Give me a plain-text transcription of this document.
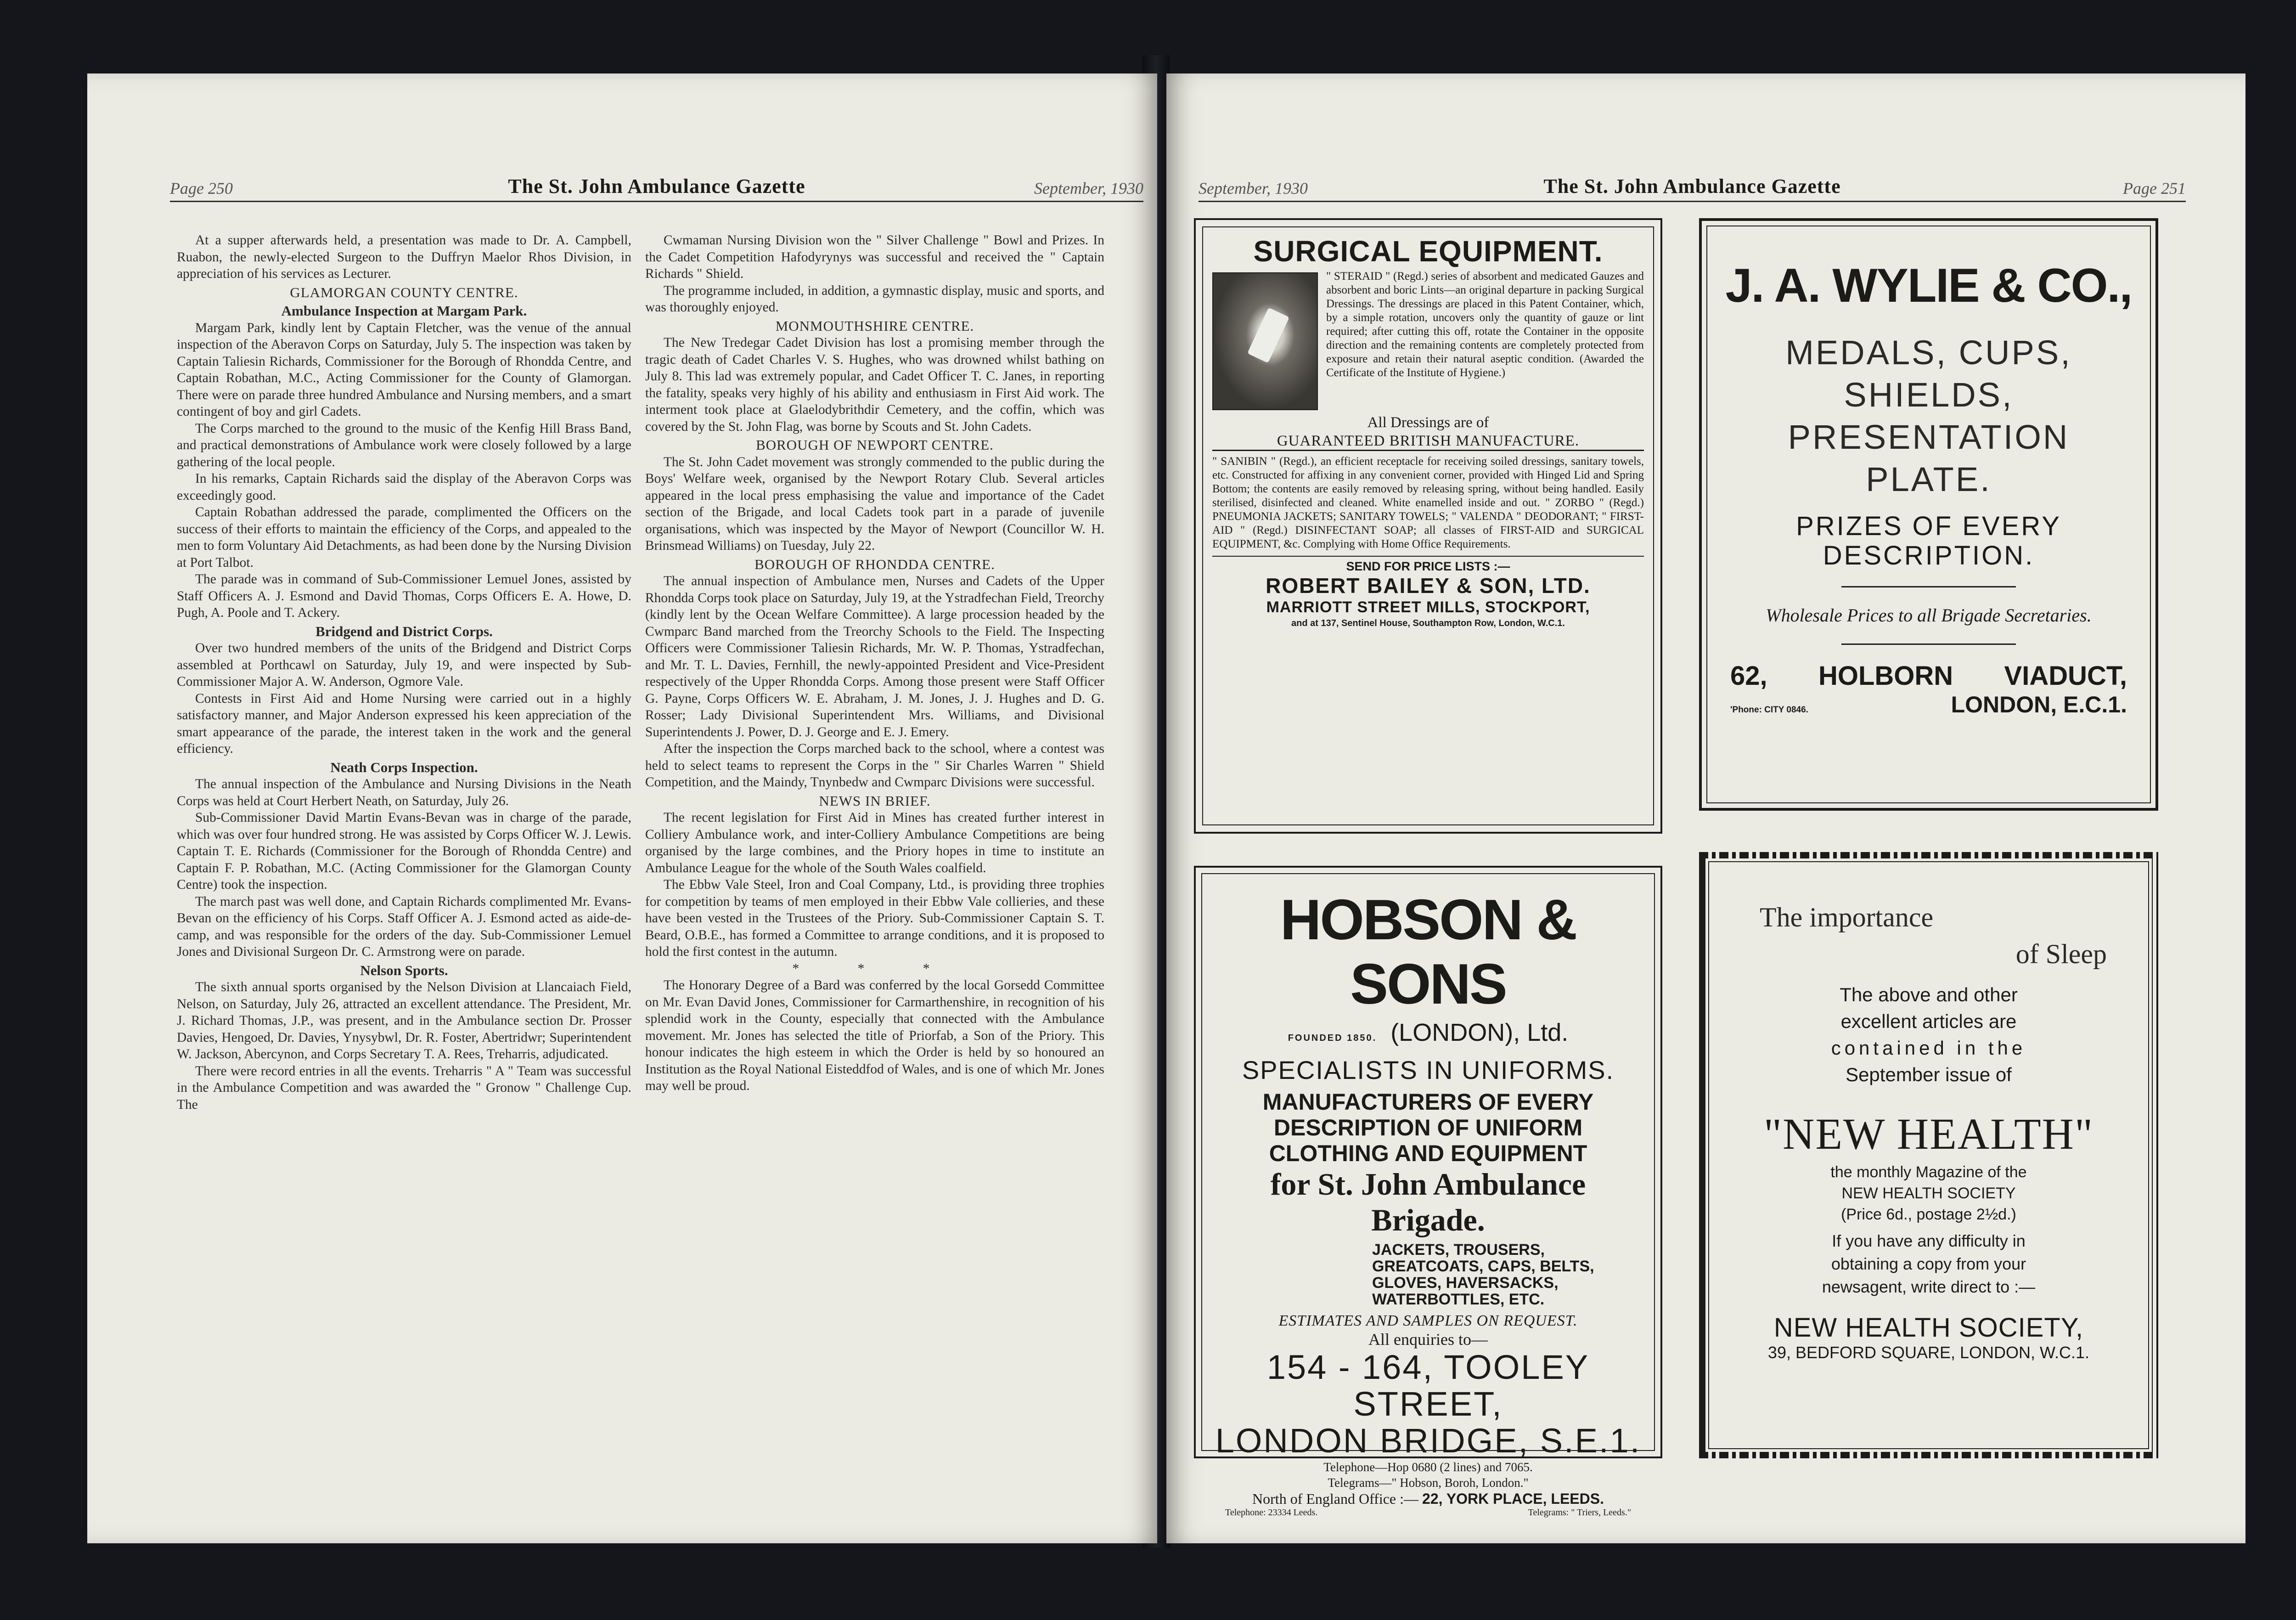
Page 250	The St. John Ambulance Gazette	September, 1930

At a supper afterwards held, a presentation was made to Dr. A. Campbell, Ruabon, the newly-elected Surgeon to the Duffryn Maelor Rhos Division, in appreciation of his services as Lecturer.

GLAMORGAN COUNTY CENTRE.
Ambulance Inspection at Margam Park.

Margam Park, kindly lent by Captain Fletcher, was the venue of the annual inspection of the Aberavon Corps on Saturday, July 5. The inspection was taken by Captain Taliesin Richards, Commissioner for the Borough of Rhondda Centre, and Captain Robathan, M.C., Acting Commissioner for the County of Glamorgan. There were on parade three hundred Ambulance and Nursing members, and a smart contingent of boy and girl Cadets.

The Corps marched to the ground to the music of the Kenfig Hill Brass Band, and practical demonstrations of Ambulance work were closely followed by a large gathering of the local people.

In his remarks, Captain Richards said the display of the Aberavon Corps was exceedingly good.

Captain Robathan addressed the parade, complimented the Officers on the success of their efforts to maintain the efficiency of the Corps, and appealed to the men to form Voluntary Aid Detachments, as had been done by the Nursing Division at Port Talbot.

The parade was in command of Sub-Commissioner Lemuel Jones, assisted by Staff Officers A. J. Esmond and David Thomas, Corps Officers E. A. Howe, D. Pugh, A. Poole and T. Ackery.

Bridgend and District Corps.

Over two hundred members of the units of the Bridgend and District Corps assembled at Porthcawl on Saturday, July 19, and were inspected by Sub-Commissioner Major A. W. Anderson, Ogmore Vale.

Contests in First Aid and Home Nursing were carried out in a highly satisfactory manner, and Major Anderson expressed his keen appreciation of the smart appearance of the parade, the interest taken in the work and the general efficiency.

Neath Corps Inspection.

The annual inspection of the Ambulance and Nursing Divisions in the Neath Corps was held at Court Herbert Neath, on Saturday, July 26.

Sub-Commissioner David Martin Evans-Bevan was in charge of the parade, which was over four hundred strong. He was assisted by Corps Officer W. J. Lewis. Captain T. E. Richards (Commissioner for the Borough of Rhondda Centre) and Captain F. P. Robathan, M.C. (Acting Commissioner for the Glamorgan County Centre) took the inspection.

The march past was well done, and Captain Richards complimented Mr. Evans-Bevan on the efficiency of his Corps. Staff Officer A. J. Esmond acted as aide-de-camp, and was responsible for the orders of the day. Sub-Commissioner Lemuel Jones and Divisional Surgeon Dr. C. Armstrong were on parade.

Nelson Sports.

The sixth annual sports organised by the Nelson Division at Llancaiach Field, Nelson, on Saturday, July 26, attracted an excellent attendance. The President, Mr. J. Richard Thomas, J.P., was present, and in the Ambulance section Dr. Prosser Davies, Hengoed, Dr. Davies, Ynysybwl, Dr. R. Foster, Abertridwr; Superintendent W. Jackson, Abercynon, and Corps Secretary T. A. Rees, Treharris, adjudicated.

There were record entries in all the events. Treharris " A " Team was successful in the Ambulance Competition and was awarded the " Gronow " Challenge Cup. The

Cwmaman Nursing Division won the " Silver Challenge " Bowl and Prizes. In the Cadet Competition Hafodyrynys was successful and received the " Captain Richards " Shield.

The programme included, in addition, a gymnastic display, music and sports, and was thoroughly enjoyed.

MONMOUTHSHIRE CENTRE.

The New Tredegar Cadet Division has lost a promising member through the tragic death of Cadet Charles V. S. Hughes, who was drowned whilst bathing on July 8. This lad was extremely popular, and Cadet Officer T. C. Janes, in reporting the fatality, speaks very highly of his ability and enthusiasm in First Aid work. The interment took place at Glaelodybrithdir Cemetery, and the coffin, which was covered by the St. John Flag, was borne by Scouts and St. John Cadets.

BOROUGH OF NEWPORT CENTRE.

The St. John Cadet movement was strongly commended to the public during the Boys' Welfare week, organised by the Newport Rotary Club. Several articles appeared in the local press emphasising the value and importance of the Cadet section of the Brigade, and local Cadets took part in a parade of juvenile organisations, which was inspected by the Mayor of Newport (Councillor W. H. Brinsmead Williams) on Tuesday, July 22.

BOROUGH OF RHONDDA CENTRE.

The annual inspection of Ambulance men, Nurses and Cadets of the Upper Rhondda Corps took place on Saturday, July 19, at the Ystradfechan Field, Treorchy (kindly lent by the Ocean Welfare Committee). A large procession headed by the Cwmparc Band marched from the Treorchy Schools to the Field. The Inspecting Officers were Commissioner Taliesin Richards, Mr. W. P. Thomas, Ystradfechan, and Mr. T. L. Davies, Fernhill, the newly-appointed President and Vice-President respectively of the Upper Rhondda Corps. Among those present were Staff Officer G. Payne, Corps Officers W. E. Abraham, J. M. Jones, J. J. Hughes and D. G. Rosser; Lady Divisional Superintendent Mrs. Williams, and Divisional Superintendents J. Power, D. J. George and E. J. Emery.

After the inspection the Corps marched back to the school, where a contest was held to select teams to represent the Corps in the " Sir Charles Warren " Shield Competition, and the Maindy, Tnynbedw and Cwmparc Divisions were successful.

NEWS IN BRIEF.

The recent legislation for First Aid in Mines has created further interest in Colliery Ambulance work, and inter-Colliery Ambulance Competitions are being organised by the large combines, and the Priory hopes in time to institute an Ambulance League for the whole of the South Wales coalfield.

The Ebbw Vale Steel, Iron and Coal Company, Ltd., is providing three trophies for competition by teams of men employed in their Ebbw Vale collieries, and these have been vested in the Trustees of the Priory. Sub-Commissioner Captain S. T. Beard, O.B.E., has formed a Committee to arrange conditions, and it is proposed to hold the first contest in the autumn.

* * *

The Honorary Degree of a Bard was conferred by the local Gorsedd Committee on Mr. Evan David Jones, Commissioner for Carmarthenshire, in recognition of his splendid work in the County, especially that connected with the Ambulance movement. Mr. Jones has selected the title of Priorfab, a Son of the Priory. This honour indicates the high esteem in which the Order is held by so honoured an Institution as the Royal National Eisteddfod of Wales, and is one of which Mr. Jones may well be proud.

September, 1930	The St. John Ambulance Gazette	Page 251
SURGICAL EQUIPMENT.
" STERAID " (Regd.) series of absorbent and medicated Gauzes and absorbent and boric Lints—an original departure in packing Surgical Dressings. The dressings are placed in this Patent Container, which, by a simple rotation, uncovers only the quantity of gauze or lint required; after cutting this off, rotate the Container in the opposite direction and the remaining contents are completely protected from exposure and retain their natural aseptic condition. (Awarded the Certificate of the Institute of Hygiene.)
All Dressings are of
GUARANTEED BRITISH MANUFACTURE.
" SANIBIN " (Regd.), an efficient receptacle for receiving soiled dressings, sanitary towels, etc. Constructed for affixing in any convenient corner, provided with Hinged Lid and Spring Bottom; the contents are easily removed by releasing spring, without being handled. Easily sterilised, disinfected and cleaned. White enamelled inside and out. " ZORBO " (Regd.) PNEUMONIA JACKETS; SANITARY TOWELS; " VALENDA " DEODORANT; " FIRST-AID " (Regd.) DISINFECTANT SOAP; all classes of FIRST-AID and SURGICAL EQUIPMENT, &c. Complying with Home Office Requirements.
SEND FOR PRICE LISTS :—
ROBERT BAILEY & SON, LTD.
MARRIOTT STREET MILLS, STOCKPORT,
and at 137, Sentinel House, Southampton Row, London, W.C.1.
J. A. WYLIE & CO.,
MEDALS, CUPS,
SHIELDS,
PRESENTATION
PLATE.
PRIZES OF EVERY
DESCRIPTION.
Wholesale Prices to all Brigade Secretaries.
62, HOLBORN VIADUCT,
'Phone: CITY 0846.	LONDON, E.C.1.
HOBSON & SONS
FOUNDED 1850. (LONDON), Ltd.
SPECIALISTS IN UNIFORMS.
MANUFACTURERS OF EVERY DESCRIPTION OF UNIFORM CLOTHING AND EQUIPMENT
for St. John Ambulance Brigade.
JACKETS, TROUSERS, GREATCOATS, CAPS, BELTS, GLOVES, HAVERSACKS, WATERBOTTLES, ETC.
ESTIMATES AND SAMPLES ON REQUEST.
All enquiries to—
154 - 164, TOOLEY STREET,
LONDON BRIDGE, S.E.1.
Telephone—Hop 0680 (2 lines) and 7065.
Telegrams—" Hobson, Boroh, London."
North of England Office :— 22, YORK PLACE, LEEDS.
Telephone: 23334 Leeds.	Telegrams: " Triers, Leeds."
The importance
of Sleep
The above and other excellent articles are
contained in the
September issue of
"NEW HEALTH"
the monthly Magazine of the
NEW HEALTH SOCIETY
(Price 6d., postage 2½d.)
If you have any difficulty in obtaining a copy from your newsagent, write direct to :—
NEW HEALTH SOCIETY,
39, BEDFORD SQUARE, LONDON, W.C.1.
